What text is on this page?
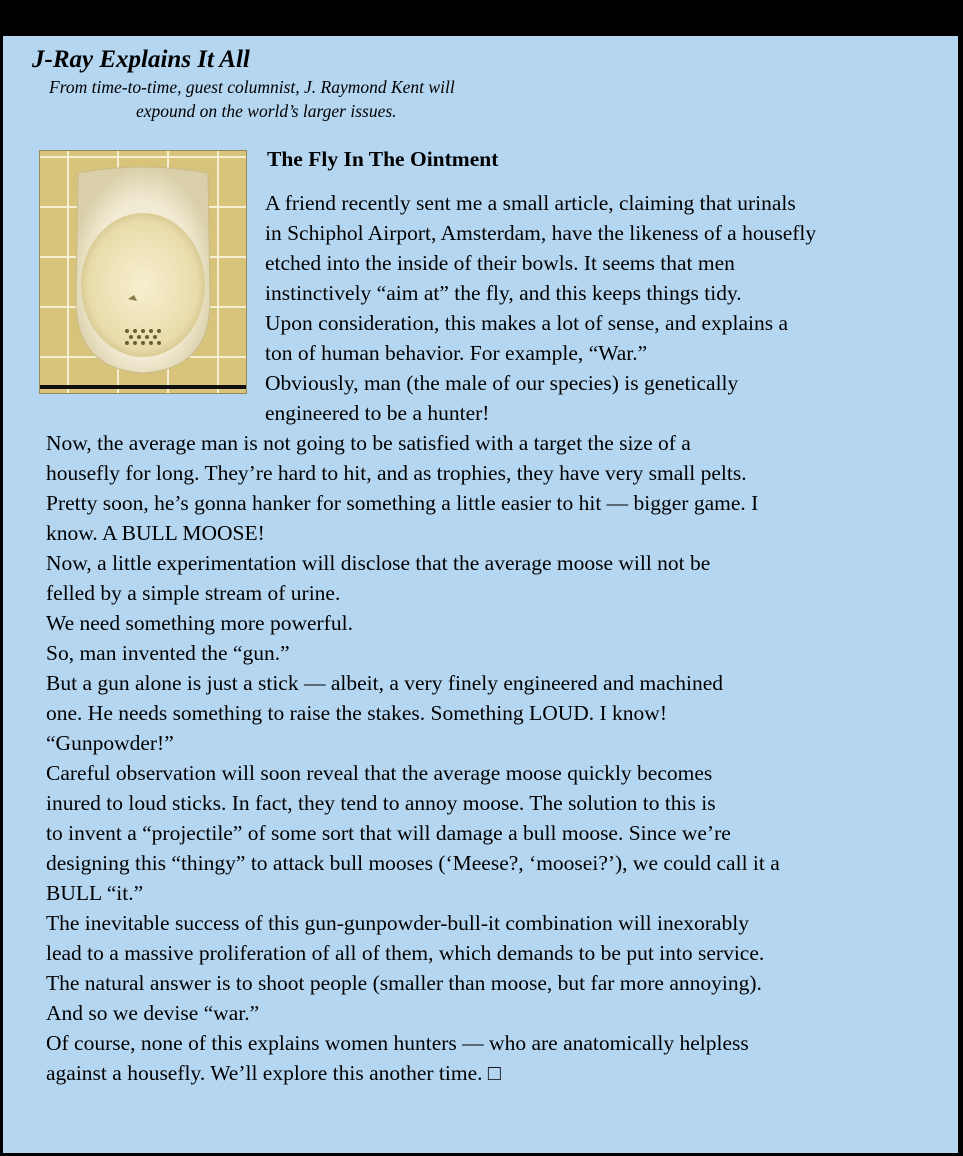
J-Ray Explains It All
From time-to-time, guest columnist, J. Raymond Kent will
expound on the world’s larger issues.
The Fly In The Ointment
A friend recently sent me a small article, claiming that urinals
in Schiphol Airport, Amsterdam, have the likeness of a housefly
etched into the inside of their bowls. It seems that men
instinctively “aim at” the fly, and this keeps things tidy.
Upon consideration, this makes a lot of sense, and explains a
ton of human behavior. For example, “War.”
Obviously, man (the male of our species) is genetically
engineered to be a hunter!
Now, the average man is not going to be satisfied with a target the size of a
housefly for long. They’re hard to hit, and as trophies, they have very small pelts.
Pretty soon, he’s gonna hanker for something a little easier to hit — bigger game. I
know. A BULL MOOSE!
Now, a little experimentation will disclose that the average moose will not be
felled by a simple stream of urine.
We need something more powerful.
So, man invented the “gun.”
But a gun alone is just a stick — albeit, a very finely engineered and machined
one. He needs something to raise the stakes. Something LOUD. I know!
“Gunpowder!”
Careful observation will soon reveal that the average moose quickly becomes
inured to loud sticks. In fact, they tend to annoy moose. The solution to this is
to invent a “projectile” of some sort that will damage a bull moose. Since we’re
designing this “thingy” to attack bull mooses (‘Meese?, ‘moosei?’), we could call it a
BULL “it.”
The inevitable success of this gun-gunpowder-bull-it combination will inexorably
lead to a massive proliferation of all of them, which demands to be put into service.
The natural answer is to shoot people (smaller than moose, but far more annoying).
And so we devise “war.”
Of course, none of this explains women hunters — who are anatomically helpless
against a housefly. We’ll explore this another time. □
